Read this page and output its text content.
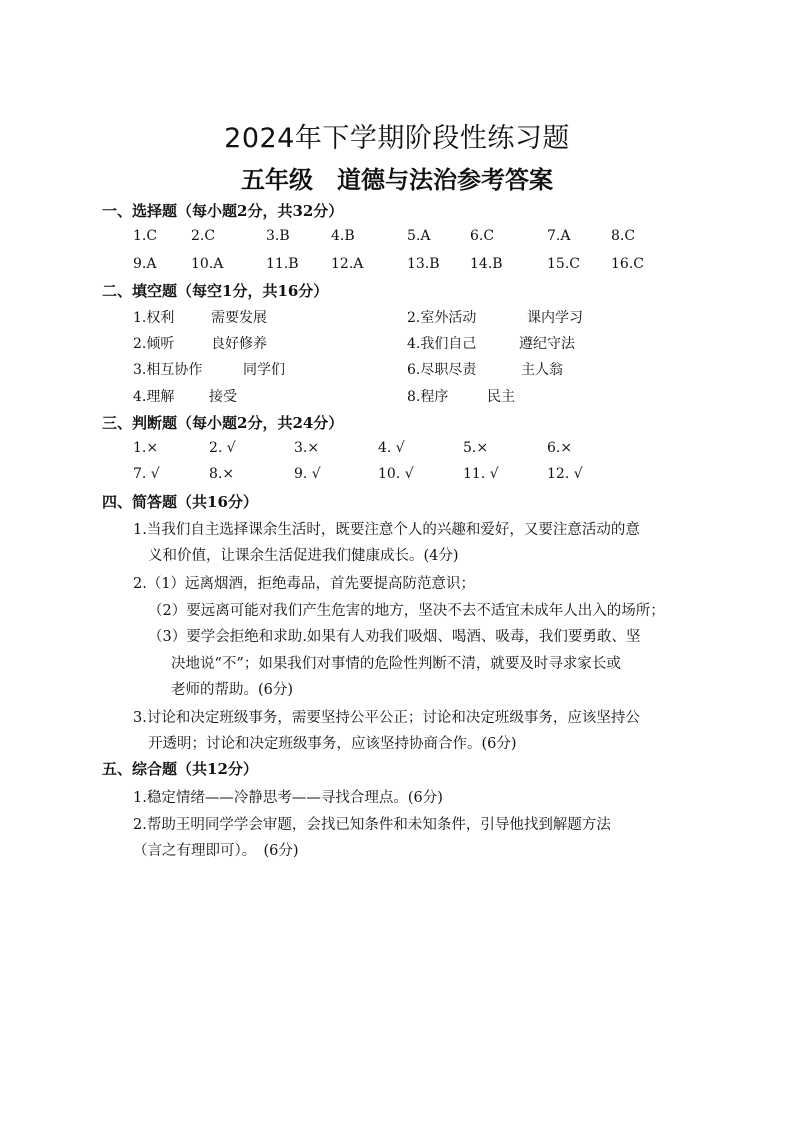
2024年下学期阶段性练习题
五年级　道德与法治参考答案
一、选择题（每小题2分，共32分）
1.C 2.C	3.B	4.B	5.A	6.C	7.A	8.C
9.A 10.A	11.B 12.A	13.B 14.B	15.C 16.C
二、填空题（每空1分，共16分）
1.权利	需要发展	2.室外活动	课内学习
2.倾听	良好修养	4.我们自己	遵纪守法
3.相互协作	同学们	6.尽职尽责	主人翁
4.理解 接受	8.程序	民主
三、判断题（每小题2分，共24分）
1.×	2. √	3.×	4. √	5.×	6.×
7. √	8.×	9. √	10. √	11. √	12. √
四、简答题（共16分）
1.当我们自主选择课余生活时，既要注意个人的兴趣和爱好，又要注意活动的意
义和价值，让课余生活促进我们健康成长。(4分)
2.（1）远离烟酒，拒绝毒品，首先要提高防范意识；
（2）要远离可能对我们产生危害的地方，坚决不去不适宜未成年人出入的场所；
（3）要学会拒绝和求助.如果有人劝我们吸烟、喝酒、吸毒，我们要勇敢、坚
决地说“不”；如果我们对事情的危险性判断不清，就要及时寻求家长或
老师的帮助。(6分)
3.讨论和决定班级事务，需要坚持公平公正；讨论和决定班级事务，应该坚持公
开透明；讨论和决定班级事务，应该坚持协商合作。(6分)
五、综合题（共12分）
1.稳定情绪——冷静思考——寻找合理点。(6分)
2.帮助王明同学学会审题，会找已知条件和未知条件，引导他找到解题方法
（言之有理即可）。　(6分)
